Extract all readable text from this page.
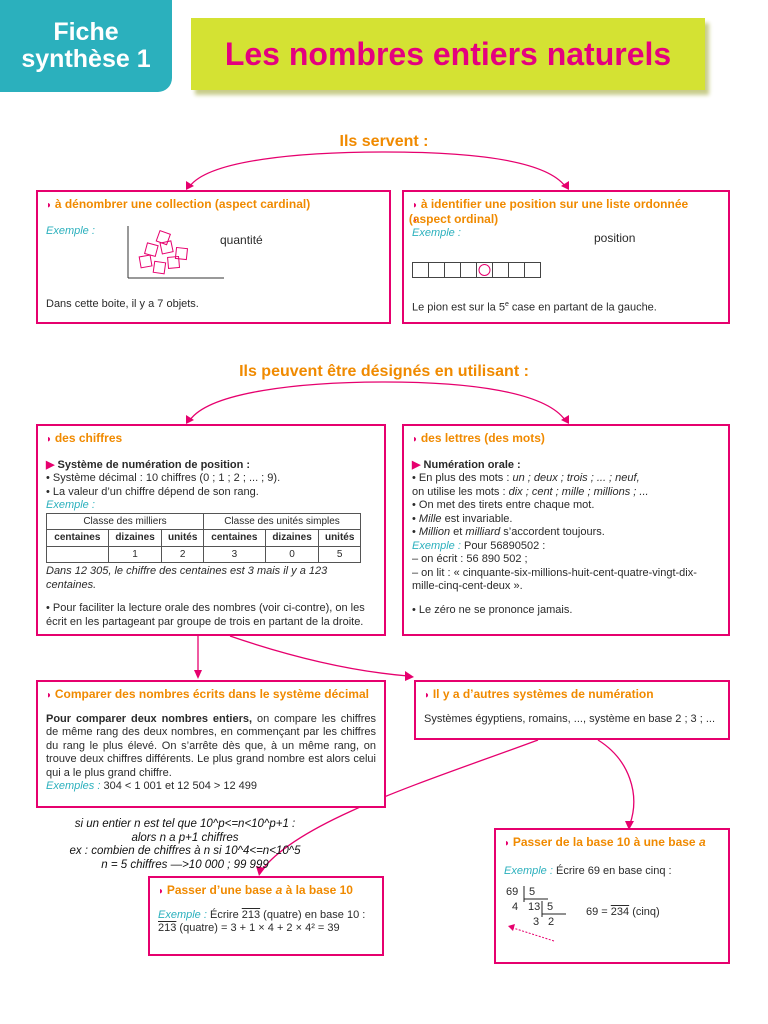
Fiche
synthèse 1	Les nombres entiers naturels
Ils servent :

◗ à dénombrer une collection (aspect cardinal)

Exemple :
quantité

Dans cette boite, il y a 7 objets.

◗ à identifier une position sur une liste ordonnée

◗ (aspect ordinal)

Exemple :	position

Le pion est sur la 5e case en partant de la gauche.

Ils peuvent être désignés en utilisant :

◗ des chiffres

▶ Système de numération de position :

• Système décimal : 10 chiffres (0 ; 1 ; 2 ; ... ; 9).

• La valeur d’un chiffre dépend de son rang.

Exemple :

Classe des milliers			Classe des unités simples		
centaines	dizaines	unités	centaines	dizaines	unités
	1	2	3	0	5

Dans 12 305, le chiffre des centaines est 3 mais il y a 123 centaines.

• Pour faciliter la lecture orale des nombres (voir ci-contre), on les écrit en les partageant par groupe de trois en partant de la droite.

◗ des lettres (des mots)

▶ Numération orale :

• En plus des mots : un ; deux ; trois ; ... ; neuf,

on utilise les mots : dix ; cent ; mille ; millions ; ...

• On met des tirets entre chaque mot.

• Mille est invariable.

• Million et milliard s’accordent toujours.

Exemple : Pour 56890502 :

– on écrit : 56 890 502 ;

– on lit : « cinquante-six-millions-huit-cent-quatre-vingt-dix-mille-cinq-cent-deux ».

• Le zéro ne se prononce jamais.

◗ Comparer des nombres écrits dans le système décimal

Pour comparer deux nombres entiers, on compare les chiffres de même rang des deux nombres, en commençant par les chiffres du rang le plus élevé. On s’arrête dès que, à un même rang, on trouve deux chiffres différents. Le plus grand nombre est alors celui qui a le plus grand chiffre.

Exemples : 304 < 1 001 et 12 504 > 12 499

◗ Il y a d’autres systèmes de numération

Systèmes égyptiens, romains, ..., système en base 2 ; 3 ; ...

si un entier n est tel que 10^p<=n<10^p+1 :

alors n a p+1 chiffres

ex : combien de chiffres à n si 10^4<=n<10^5

n = 5 chiffres —>10 000 ; 99 999

◗ Passer d’une base a à la base 10

Exemple : Écrire 213 (quatre) en base 10 :

213 (quatre) = 3 + 1 × 4 + 2 × 4² = 39

◗ Passer de la base 10 à une base a

Exemple : Écrire 69 en base cinq :

69 5
4 13 5
3 2
69 = 234 (cinq)
